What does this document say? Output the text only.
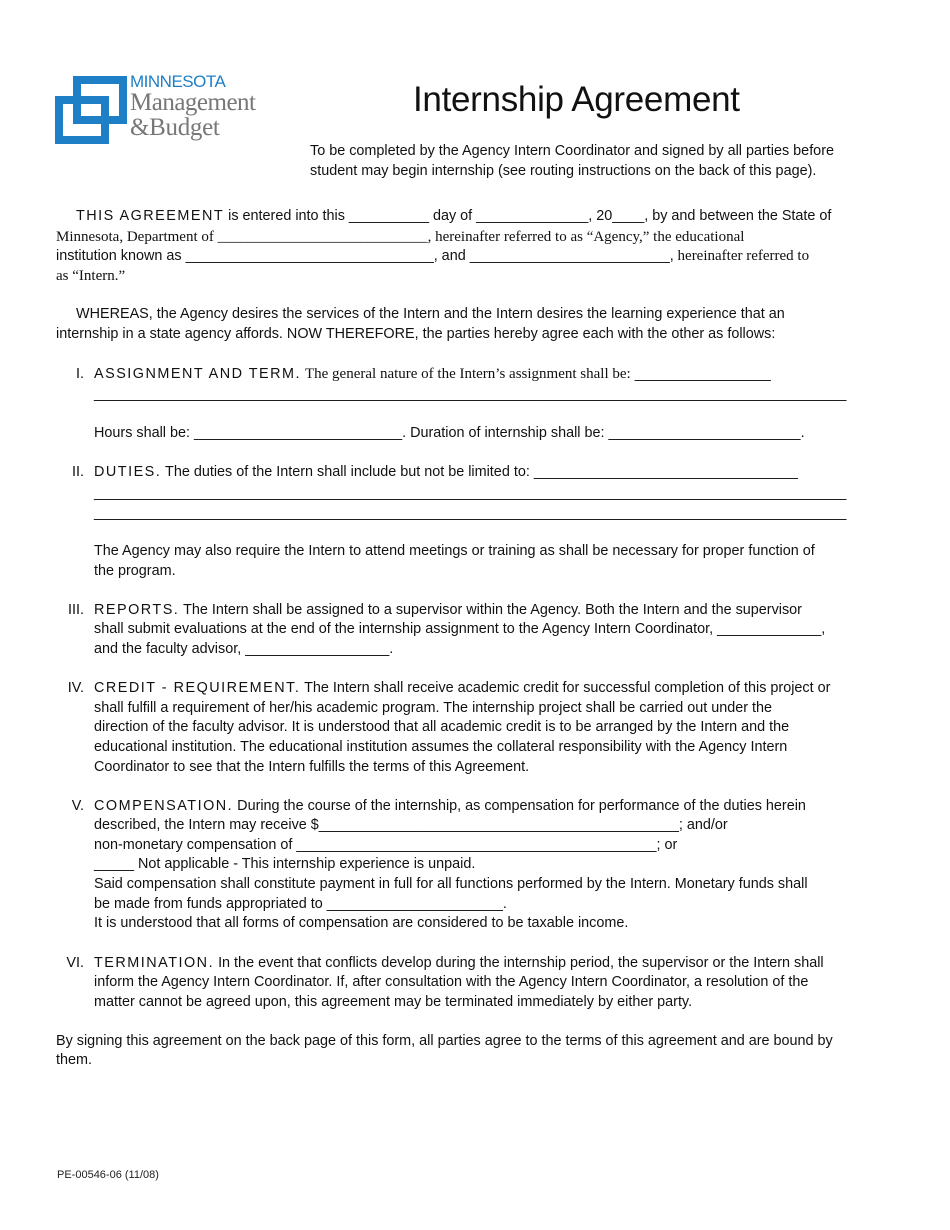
MINNESOTA
Management
&Budget
Internship Agreement
To be completed by the Agency Intern Coordinator and signed by all parties before
student may begin internship (see routing instructions on the back of this page).
THIS AGREEMENT is entered into this __________ day of ______________, 20____, by and between the State of
Minnesota, Department of ____________________________, hereinafter referred to as “Agency,” the educational
institution known as _______________________________, and _________________________, hereinafter referred to
as “Intern.”
WHEREAS, the Agency desires the services of the Intern and the Intern desires the learning experience that an
internship in a state agency affords. NOW THEREFORE, the parties hereby agree each with the other as follows:
I. ASSIGNMENT AND TERM. The general nature of the Intern’s assignment shall be: _________________
______________________________________________________________________________________________
Hours shall be: __________________________. Duration of internship shall be: ________________________.
II. DUTIES. The duties of the Intern shall include but not be limited to: _________________________________
______________________________________________________________________________________________
______________________________________________________________________________________________
The Agency may also require the Intern to attend meetings or training as shall be necessary for proper function of
the program.
III. REPORTS. The Intern shall be assigned to a supervisor within the Agency. Both the Intern and the supervisor
shall submit evaluations at the end of the internship assignment to the Agency Intern Coordinator, _____________,
and the faculty advisor, __________________.
IV. CREDIT - REQUIREMENT. The Intern shall receive academic credit for successful completion of this project or
shall fulfill a requirement of her/his academic program. The internship project shall be carried out under the
direction of the faculty advisor. It is understood that all academic credit is to be arranged by the Intern and the
educational institution. The educational institution assumes the collateral responsibility with the Agency Intern
Coordinator to see that the Intern fulfills the terms of this Agreement.
V. COMPENSATION. During the course of the internship, as compensation for performance of the duties herein
described, the Intern may receive $_____________________________________________; and/or
non-monetary compensation of _____________________________________________; or
_____ Not applicable - This internship experience is unpaid.
Said compensation shall constitute payment in full for all functions performed by the Intern. Monetary funds shall
be made from funds appropriated to ______________________.
It is understood that all forms of compensation are considered to be taxable income.
VI. TERMINATION. In the event that conflicts develop during the internship period, the supervisor or the Intern shall
inform the Agency Intern Coordinator. If, after consultation with the Agency Intern Coordinator, a resolution of the
matter cannot be agreed upon, this agreement may be terminated immediately by either party.
By signing this agreement on the back page of this form, all parties agree to the terms of this agreement and are bound by
them.
PE-00546-06 (11/08)
